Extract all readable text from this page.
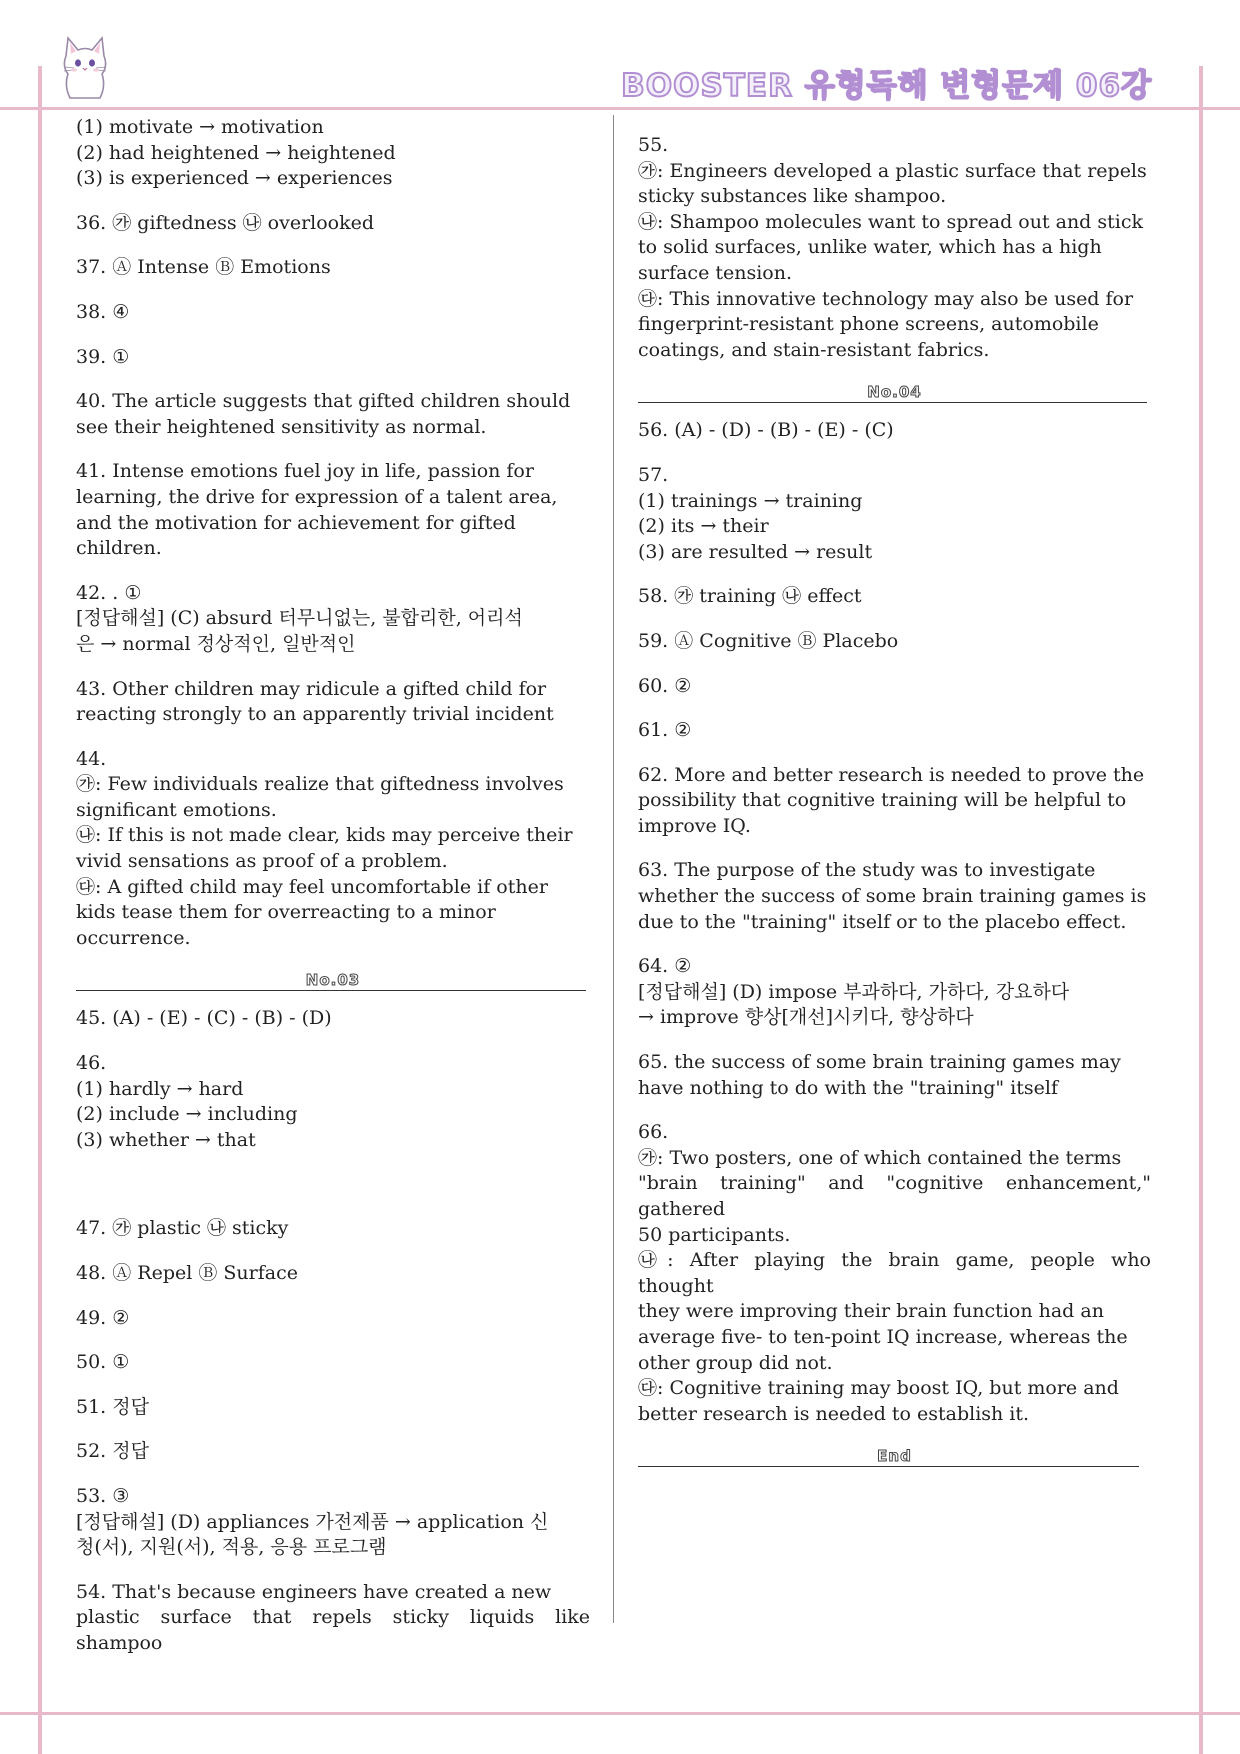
BOOSTER 유형독해 변형문제 06강
(1) motivate → motivation
(2) had heightened → heightened
(3) is experienced → experiences
36. ㉮ giftedness ㉯ overlooked
37. Ⓐ Intense Ⓑ Emotions
38. ④
39. ①
40. The article suggests that gifted children should
see their heightened sensitivity as normal.
41. Intense emotions fuel joy in life, passion for
learning, the drive for expression of a talent area,
and the motivation for achievement for gifted
children.
42. . ①
[정답해설] (C) absurd 터무니없는, 불합리한, 어리석
은 → normal 정상적인, 일반적인
43. Other children may ridicule a gifted child for
reacting strongly to an apparently trivial incident
44.
㉮: Few individuals realize that giftedness involves
significant emotions.
㉯: If this is not made clear, kids may perceive their
vivid sensations as proof of a problem.
㉰: A gifted child may feel uncomfortable if other
kids tease them for overreacting to a minor
occurrence.
No.03
45. (A) - (E) - (C) - (B) - (D)
46.
(1) hardly → hard
(2) include → including
(3) whether → that
47. ㉮ plastic ㉯ sticky
48. Ⓐ Repel Ⓑ Surface
49. ②
50. ①
51. 정답
52. 정답
53. ③
[정답해설] (D) appliances 가전제품 → application 신
청(서), 지원(서), 적용, 응용 프로그램
54. That's because engineers have created a new
plastic surface that repels sticky liquids like shampoo
55.
㉮: Engineers developed a plastic surface that repels
sticky substances like shampoo.
㉯: Shampoo molecules want to spread out and stick
to solid surfaces, unlike water, which has a high
surface tension.
㉰: This innovative technology may also be used for
fingerprint-resistant phone screens, automobile
coatings, and stain-resistant fabrics.
No.04
56. (A) - (D) - (B) - (E) - (C)
57.
(1) trainings → training
(2) its → their
(3) are resulted → result
58. ㉮ training ㉯ effect
59. Ⓐ Cognitive Ⓑ Placebo
60. ②
61. ②
62. More and better research is needed to prove the
possibility that cognitive training will be helpful to
improve IQ.
63. The purpose of the study was to investigate
whether the success of some brain training games is
due to the "training" itself or to the placebo effect.
64. ②
[정답해설] (D) impose 부과하다, 가하다, 강요하다
→ improve 향상[개선]시키다, 향상하다
65. the success of some brain training games may
have nothing to do with the "training" itself
66.
㉮: Two posters, one of which contained the terms
"brain training" and "cognitive enhancement," gathered
50 participants.
㉯: After playing the brain game, people who thought
they were improving their brain function had an
average five- to ten-point IQ increase, whereas the
other group did not.
㉰: Cognitive training may boost IQ, but more and
better research is needed to establish it.
End
